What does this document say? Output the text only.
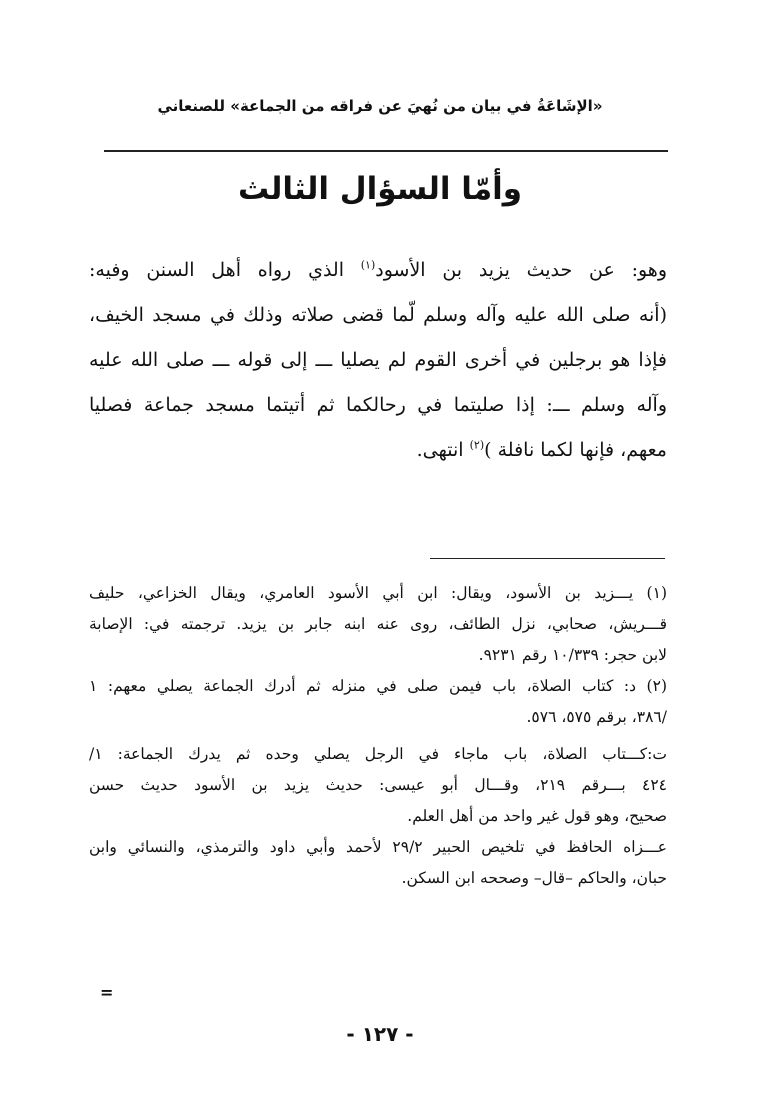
«الإشَاعَةُ في بيان من نُهيَ عن فراقه من الجماعة» للصنعاني
وأمّا السؤال الثالث
وهو: عن حديث يزيد بن الأسود$^{(١)}$ الذي رواه أهل السنن وفيه:
(أنه صلى الله عليه وآله وسلم لّما قضى صلاته وذلك في مسجد الخيف،
فإذا هو برجلين في أخرى القوم لم يصليا ـــ إلى قوله ـــ صلى الله عليه
وآله وسلم ـــ: إذا صليتما في رحالكما ثم أتيتما مسجد جماعة فصليا
معهم، فإنها لكما نافلة )$^{(٢)}$ انتهى.
(١) يـــزيد بن الأسود، ويقال: ابن أبي الأسود العامري، ويقال الخزاعي، حليف
قـــريش، صحابي، نزل الطائف، روى عنه ابنه جابر بن يزيد. ترجمته في: الإصابة
لابن حجر: ١٠/٣٣٩ رقم ٩٢٣١.
(٢) د: كتاب الصلاة، باب فيمن صلى في منزله ثم أدرك الجماعة يصلي معهم: ١
/٣٨٦، برقم ٥٧٥، ٥٧٦.
ت:كـــتاب الصلاة، باب ماجاء في الرجل يصلي وحده ثم يدرك الجماعة: ١/
٤٢٤ بـــرقم ٢١٩، وقـــال أبو عيسى: حديث يزيد بن الأسود حديث حسن
صحيح، وهو قول غير واحد من أهل العلم.
عـــزاه الحافظ في تلخيص الحبير ٢٩/٢ لأحمد وأبي داود والترمذي، والنسائي وابن
حبان، والحاكم –قال– وصححه ابن السكن.
=
- ١٢٧ -
